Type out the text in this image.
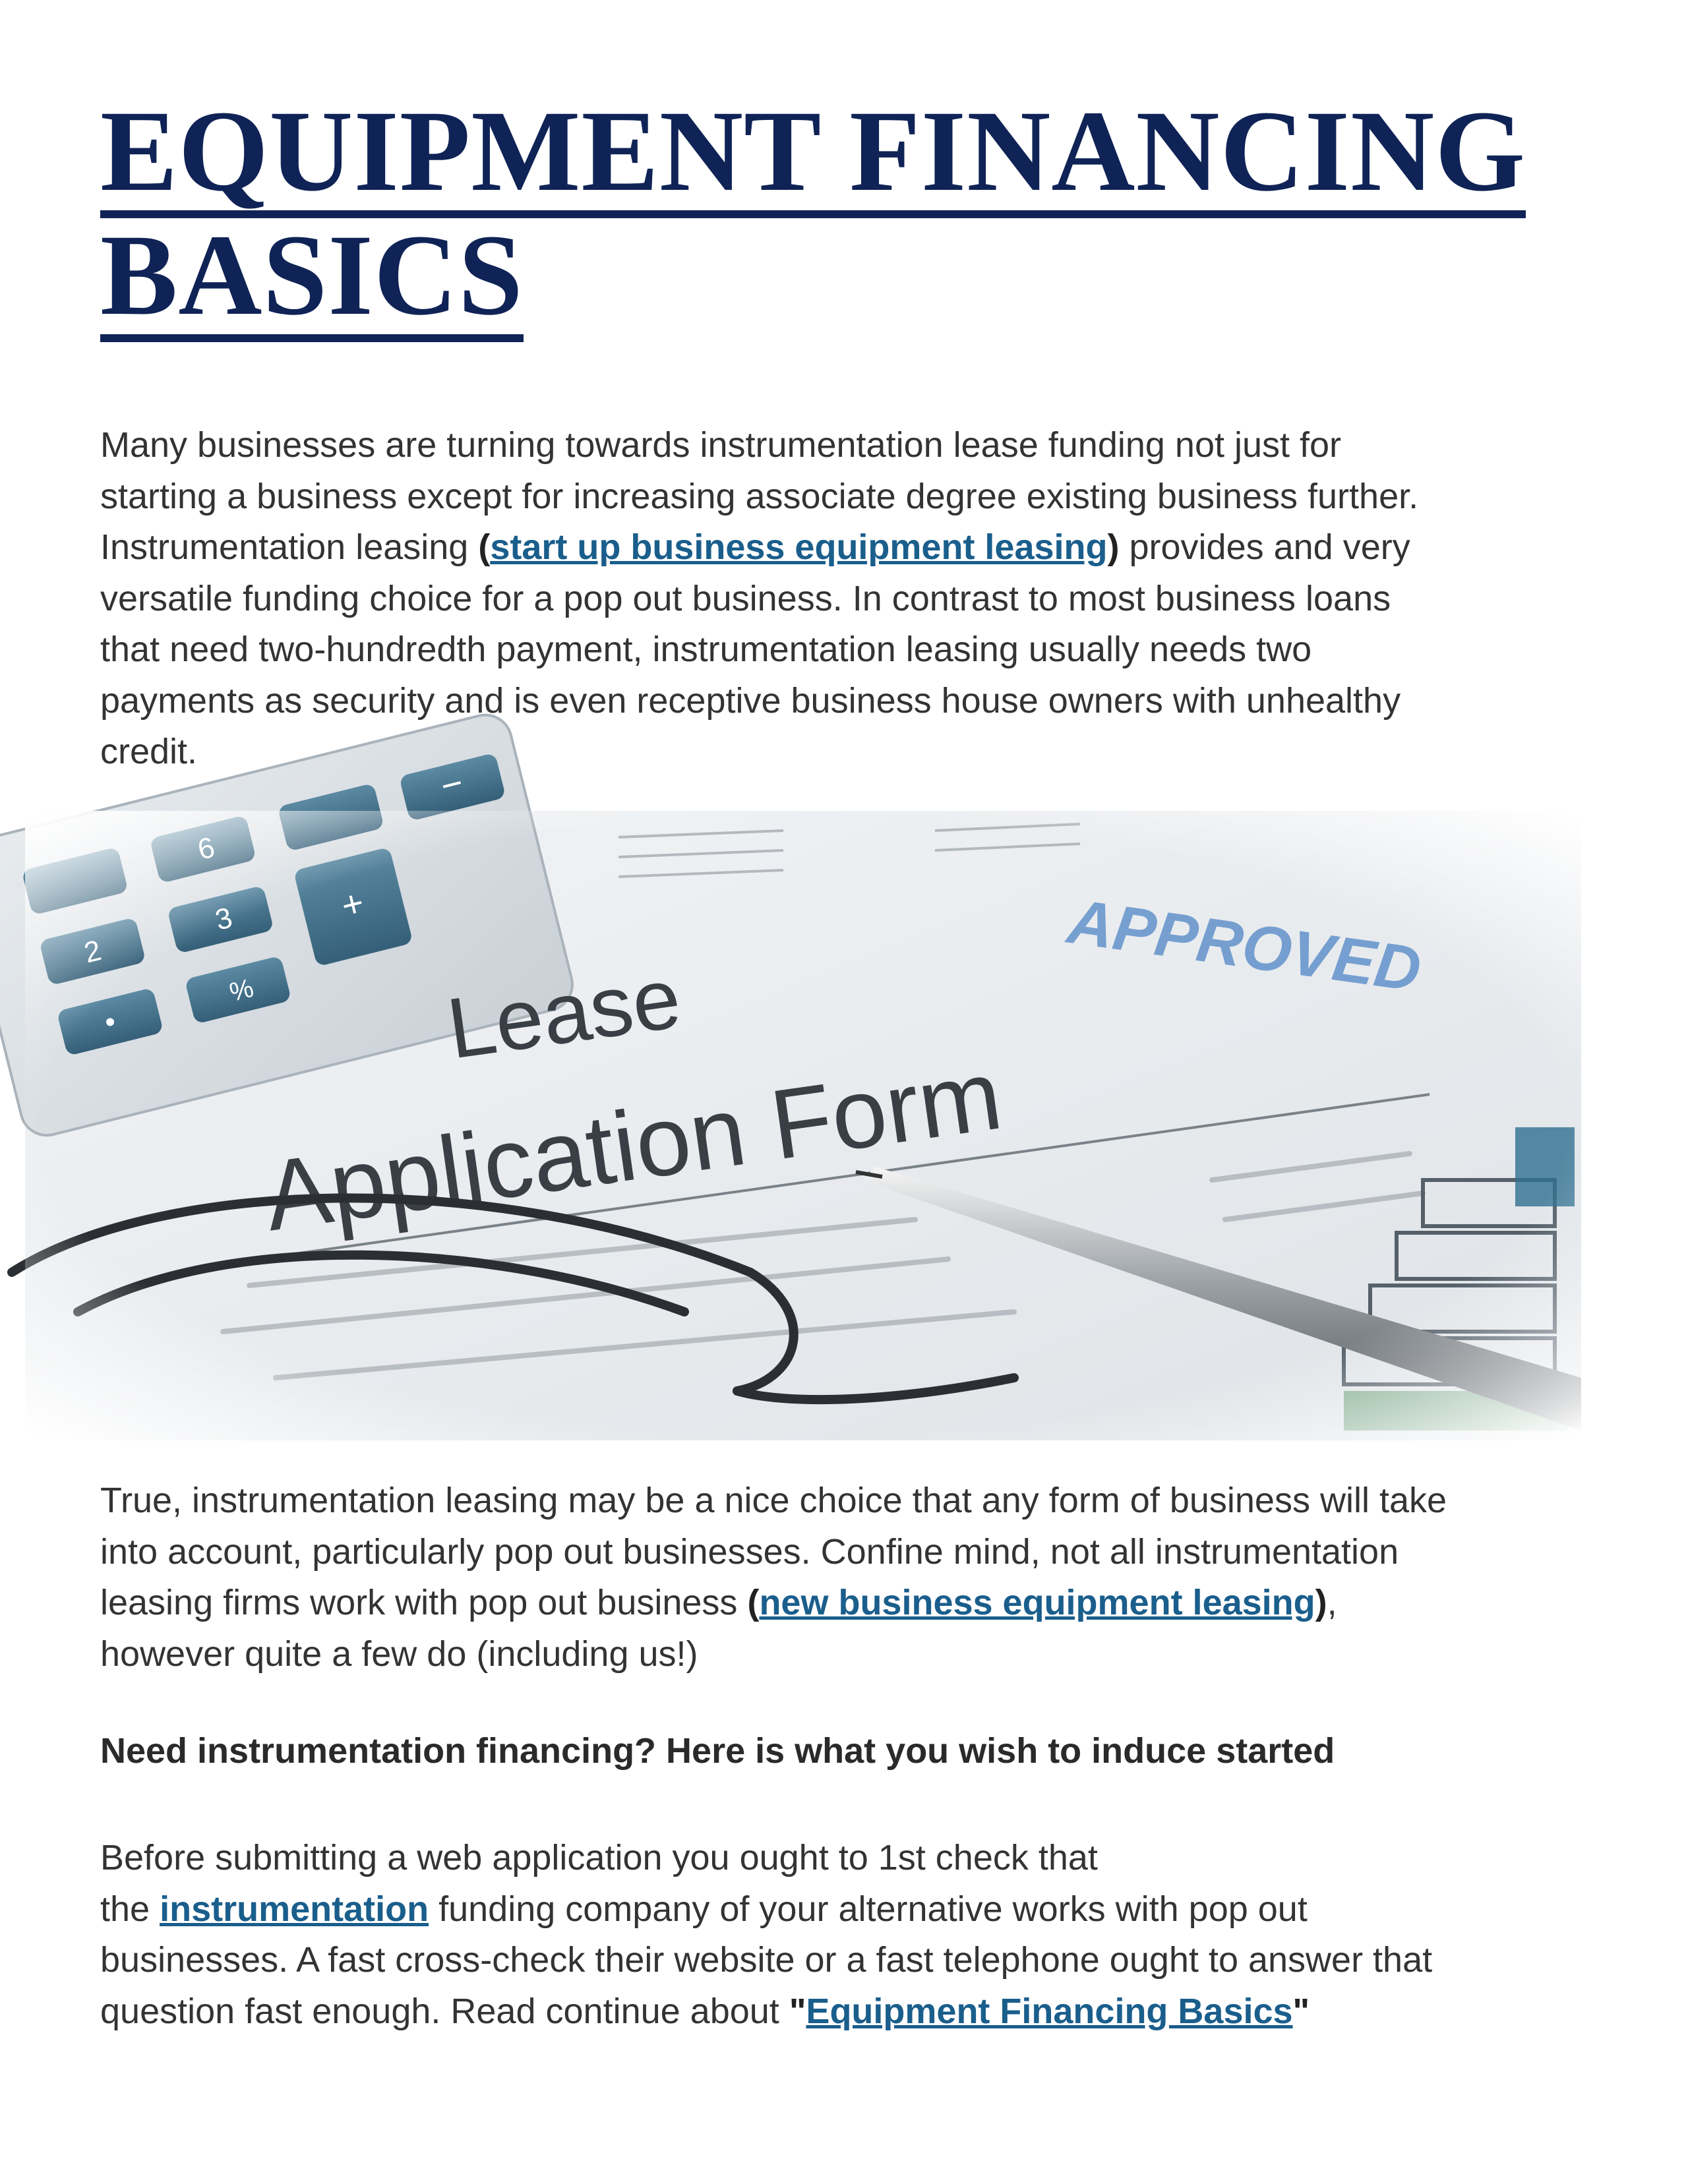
EQUIPMENT FINANCING
BASICS
Many businesses are turning towards instrumentation lease funding not just for
starting a business except for increasing associate degree existing business further.
Instrumentation leasing (start up business equipment leasing) provides and very
versatile funding choice for a pop out business. In contrast to most business loans
that need two-hundredth payment, instrumentation leasing usually needs two
payments as security and is even receptive business house owners with unhealthy
credit.
True, instrumentation leasing may be a nice choice that any form of business will take
into account, particularly pop out businesses. Confine mind, not all instrumentation
leasing firms work with pop out business (new business equipment leasing),
however quite a few do (including us!)
Need instrumentation financing? Here is what you wish to induce started
Before submitting a web application you ought to 1st check that
the instrumentation funding company of your alternative works with pop out
businesses. A fast cross-check their website or a fast telephone ought to answer that
question fast enough. Read continue about "Equipment Financing Basics"
−
